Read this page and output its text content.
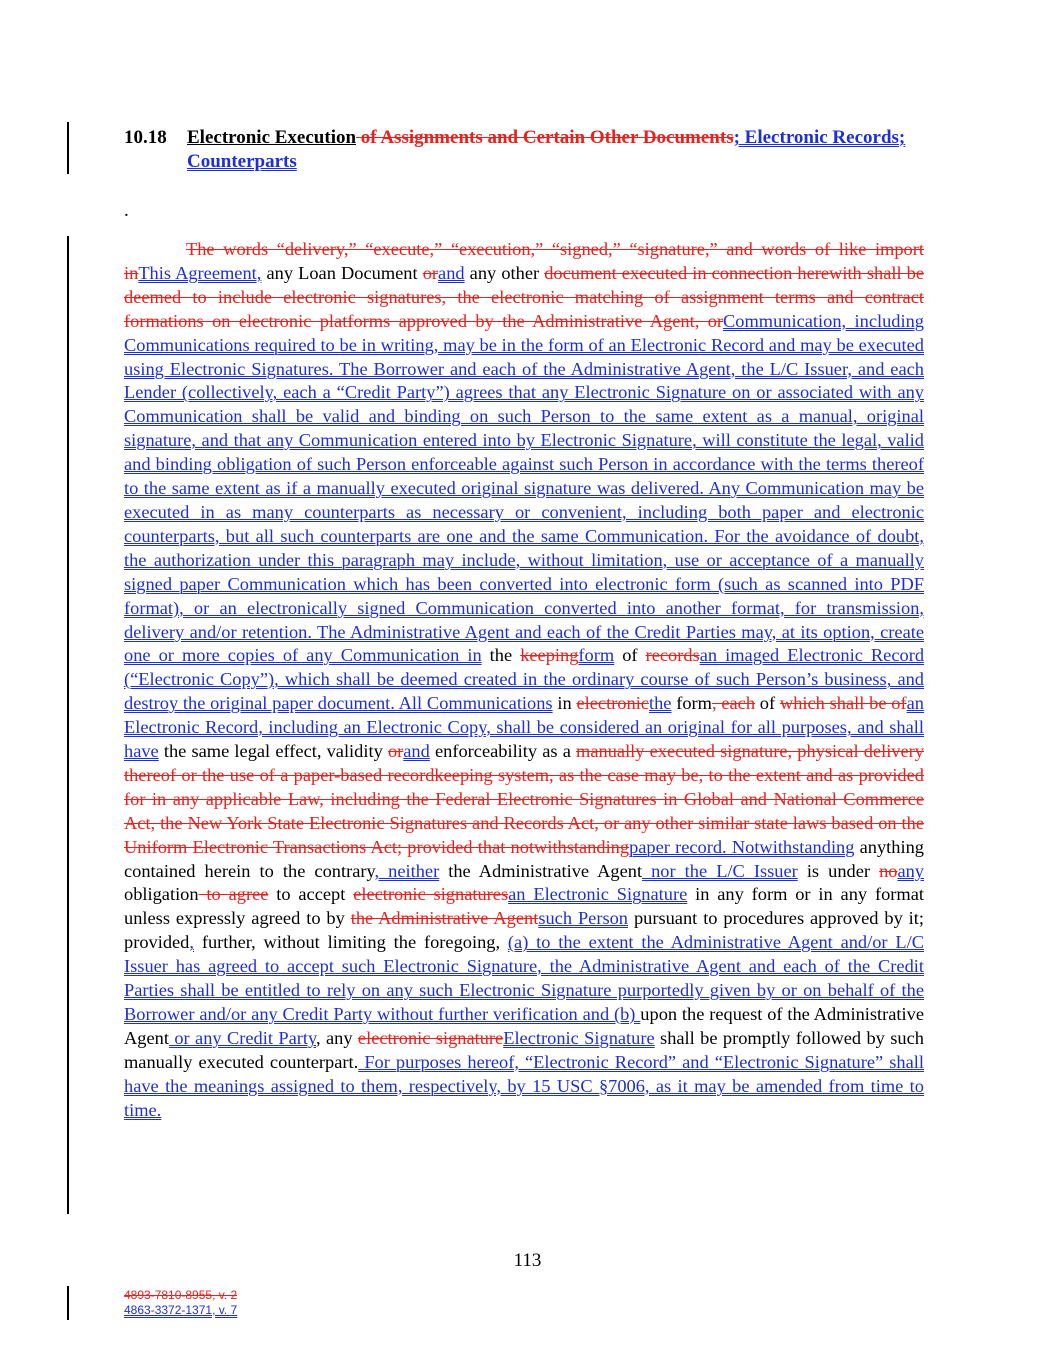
10.18 Electronic Execution of Assignments and Certain Other Documents; Electronic Records; Counterparts
.
The words “delivery,” “execute,” “execution,” “signed,” “signature,” and words of like import inThis Agreement, any Loan Document orand any other document executed in connection herewith shall be deemed to include electronic signatures, the electronic matching of assignment terms and contract formations on electronic platforms approved by the Administrative Agent, orCommunication, including Communications required to be in writing, may be in the form of an Electronic Record and may be executed using Electronic Signatures. The Borrower and each of the Administrative Agent, the L/C Issuer, and each Lender (collectively, each a “Credit Party”) agrees that any Electronic Signature on or associated with any Communication shall be valid and binding on such Person to the same extent as a manual, original signature, and that any Communication entered into by Electronic Signature, will constitute the legal, valid and binding obligation of such Person enforceable against such Person in accordance with the terms thereof to the same extent as if a manually executed original signature was delivered. Any Communication may be executed in as many counterparts as necessary or convenient, including both paper and electronic counterparts, but all such counterparts are one and the same Communication. For the avoidance of doubt, the authorization under this paragraph may include, without limitation, use or acceptance of a manually signed paper Communication which has been converted into electronic form (such as scanned into PDF format), or an electronically signed Communication converted into another format, for transmission, delivery and/or retention. The Administrative Agent and each of the Credit Parties may, at its option, create one or more copies of any Communication in the keepingform of recordsan imaged Electronic Record (“Electronic Copy”), which shall be deemed created in the ordinary course of such Person’s business, and destroy the original paper document. All Communications in electronicthe form, each of which shall be ofan Electronic Record, including an Electronic Copy, shall be considered an original for all purposes, and shall have the same legal effect, validity orand enforceability as a manually executed signature, physical delivery thereof or the use of a paper-based recordkeeping system, as the case may be, to the extent and as provided for in any applicable Law, including the Federal Electronic Signatures in Global and National Commerce Act, the New York State Electronic Signatures and Records Act, or any other similar state laws based on the Uniform Electronic Transactions Act; provided that notwithstandingpaper record. Notwithstanding anything contained herein to the contrary, neither the Administrative Agent nor the L/C Issuer is under noany obligation to agree to accept electronic signaturesan Electronic Signature in any form or in any format unless expressly agreed to by the Administrative Agentsuch Person pursuant to procedures approved by it; provided, further, without limiting the foregoing, (a) to the extent the Administrative Agent and/or L/C Issuer has agreed to accept such Electronic Signature, the Administrative Agent and each of the Credit Parties shall be entitled to rely on any such Electronic Signature purportedly given by or on behalf of the Borrower and/or any Credit Party without further verification and (b) upon the request of the Administrative Agent or any Credit Party, any electronic signatureElectronic Signature shall be promptly followed by such manually executed counterpart. For purposes hereof, “Electronic Record” and “Electronic Signature” shall have the meanings assigned to them, respectively, by 15 USC §7006, as it may be amended from time to time.
113
4893-7810-8955, v. 2
4863-3372-1371, v. 7
